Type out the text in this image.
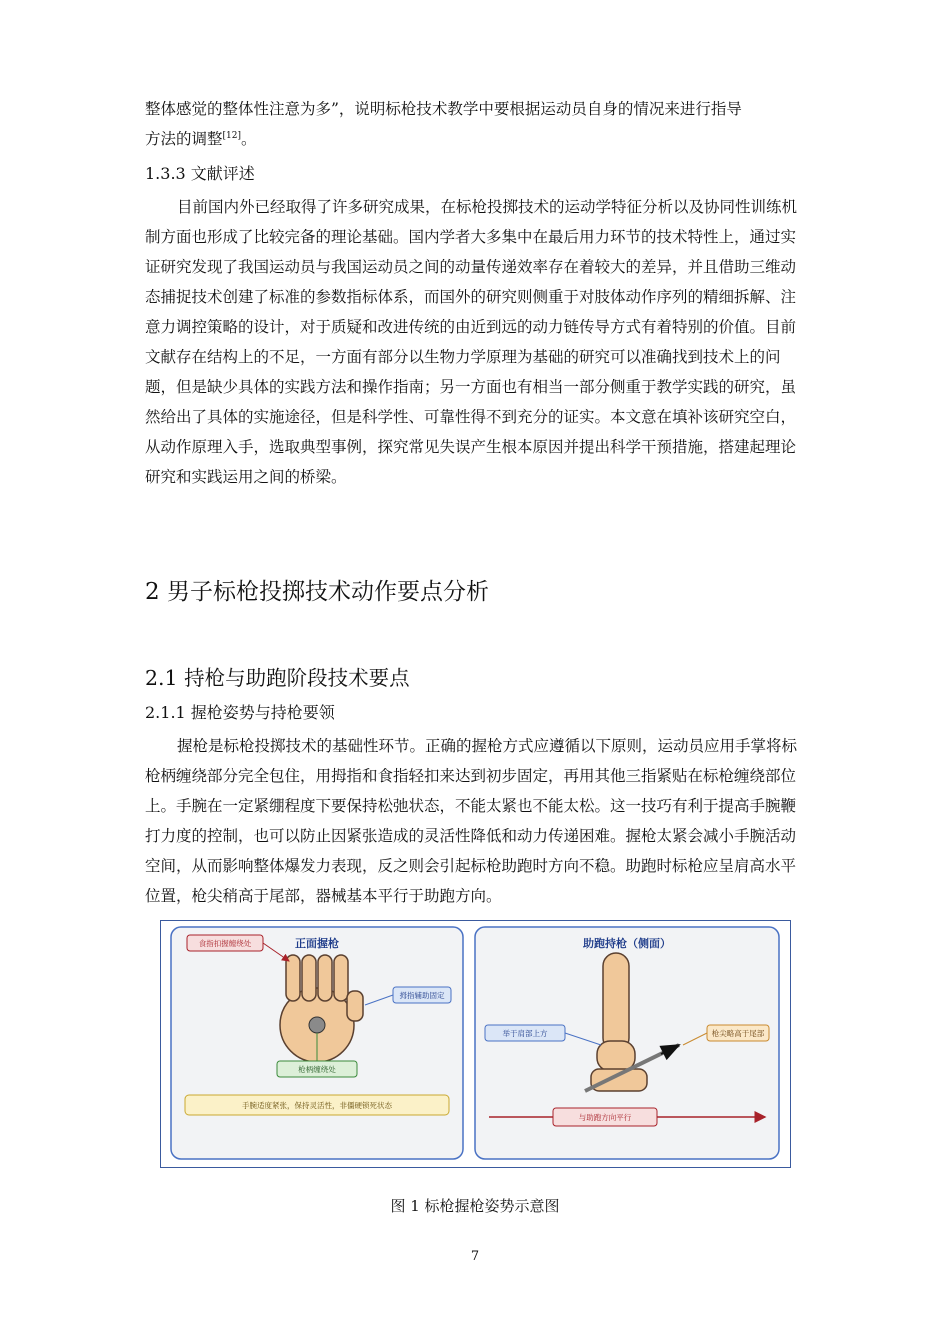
整体感觉的整体性注意为多”，说明标枪技术教学中要根据运动员自身的情况来进行指导
方法的调整[12]。

1.3.3 文献评述

目前国内外已经取得了许多研究成果，在标枪投掷技术的运动学特征分析以及协同性训练机制方面也形成了比较完备的理论基础。国内学者大多集中在最后用力环节的技术特性上，通过实证研究发现了我国运动员与我国运动员之间的动量传递效率存在着较大的差异，并且借助三维动态捕捉技术创建了标准的参数指标体系，而国外的研究则侧重于对肢体动作序列的精细拆解、注意力调控策略的设计，对于质疑和改进传统的由近到远的动力链传导方式有着特别的价值。目前文献存在结构上的不足，一方面有部分以生物力学原理为基础的研究可以准确找到技术上的问题，但是缺少具体的实践方法和操作指南；另一方面也有相当一部分侧重于教学实践的研究，虽然给出了具体的实施途径，但是科学性、可靠性得不到充分的证实。本文意在填补该研究空白，从动作原理入手，选取典型事例，探究常见失误产生根本原因并提出科学干预措施，搭建起理论研究和实践运用之间的桥梁。

2 男子标枪投掷技术动作要点分析
2.1 持枪与助跑阶段技术要点
2.1.1 握枪姿势与持枪要领

握枪是标枪投掷技术的基础性环节。正确的握枪方式应遵循以下原则，运动员应用手掌将标枪柄缠绕部分完全包住，用拇指和食指轻扣来达到初步固定，再用其他三指紧贴在标枪缠绕部位上。手腕在一定紧绷程度下要保持松弛状态，不能太紧也不能太松。这一技巧有利于提高手腕鞭打力度的控制，也可以防止因紧张造成的灵活性降低和动力传递困难。握枪太紧会减小手腕活动空间，从而影响整体爆发力表现，反之则会引起标枪助跑时方向不稳。助跑时标枪应呈肩高水平位置，枪尖稍高于尾部，器械基本平行于助跑方向。

正面握枪
食指扣握缠绕处
拇指辅助固定
枪柄缠绕处
手腕适度紧张，保持灵活性，非僵硬锁死状态
助跑持枪（侧面）
举于肩部上方	枪尖略高于尾部
与助跑方向平行
图 1 标枪握枪姿势示意图
7
